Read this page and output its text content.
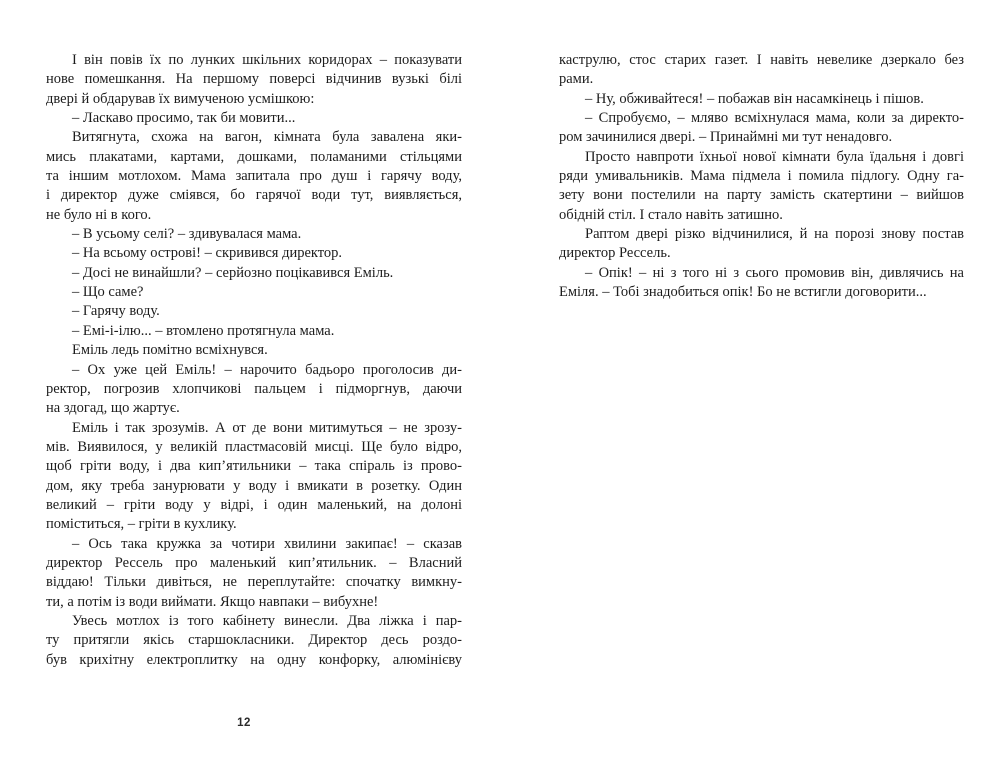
І він повів їх по лунких шкільних коридорах – показувати
нове помешкання. На першому поверсі відчинив вузькі білі
двері й обдарував їх вимученою усмішкою:
– Ласкаво просимо, так би мовити...
Витягнута, схожа на вагон, кімната була завалена яки-
мись плакатами, картами, дошками, поламаними стільцями
та іншим мотлохом. Мама запитала про душ і гарячу воду,
і директор дуже сміявся, бо гарячої води тут, виявляється,
не було ні в кого.
– В усьому селі? – здивувалася мама.
– На всьому острові! – скривився директор.
– Досі не винайшли? – серйозно поцікавився Еміль.
– Що саме?
– Гарячу воду.
– Емі-і-ілю... – втомлено протягнула мама.
Еміль ледь помітно всміхнувся.
– Ох уже цей Еміль! – нарочито бадьоро проголосив ди-
ректор, погрозив хлопчикові пальцем і підморгнув, даючи
на здогад, що жартує.
Еміль і так зрозумів. А от де вони митимуться – не зрозу-
мів. Виявилося, у великій пластмасовій мисці. Ще було відро,
щоб гріти воду, і два кип’ятильники – така спіраль із прово-
дом, яку треба занурювати у воду і вмикати в розетку. Один
великий – гріти воду у відрі, і один маленький, на долоні
поміститься, – гріти в кухлику.
– Ось така кружка за чотири хвилини закипає! – сказав
директор Рессель про маленький кип’ятильник. – Власний
віддаю! Тільки дивіться, не переплутайте: спочатку вимкну-
ти, а потім із води виймати. Якщо навпаки – вибухне!
Увесь мотлох із того кабінету винесли. Два ліжка і пар-
ту притягли якісь старшокласники. Директор десь роздо-
був крихітну електроплитку на одну конфорку, алюмінієву
каструлю, стос старих газет. І навіть невелике дзеркало без
рами.
– Ну, обживайтеся! – побажав він насамкінець і пішов.
– Спробуємо, – мляво всміхнулася мама, коли за директо-
ром зачинилися двері. – Принаймні ми тут ненадовго.
Просто навпроти їхньої нової кімнати була їдальня і довгі
ряди умивальників. Мама підмела і помила підлогу. Одну га-
зету вони постелили на парту замість скатертини – вийшов
обідній стіл. І стало навіть затишно.
Раптом двері різко відчинилися, й на порозі знову постав
директор Рессель.
– Опік! – ні з того ні з сього промовив він, дивлячись на
Еміля. – Тобі знадобиться опік! Бо не встигли договорити...
12
